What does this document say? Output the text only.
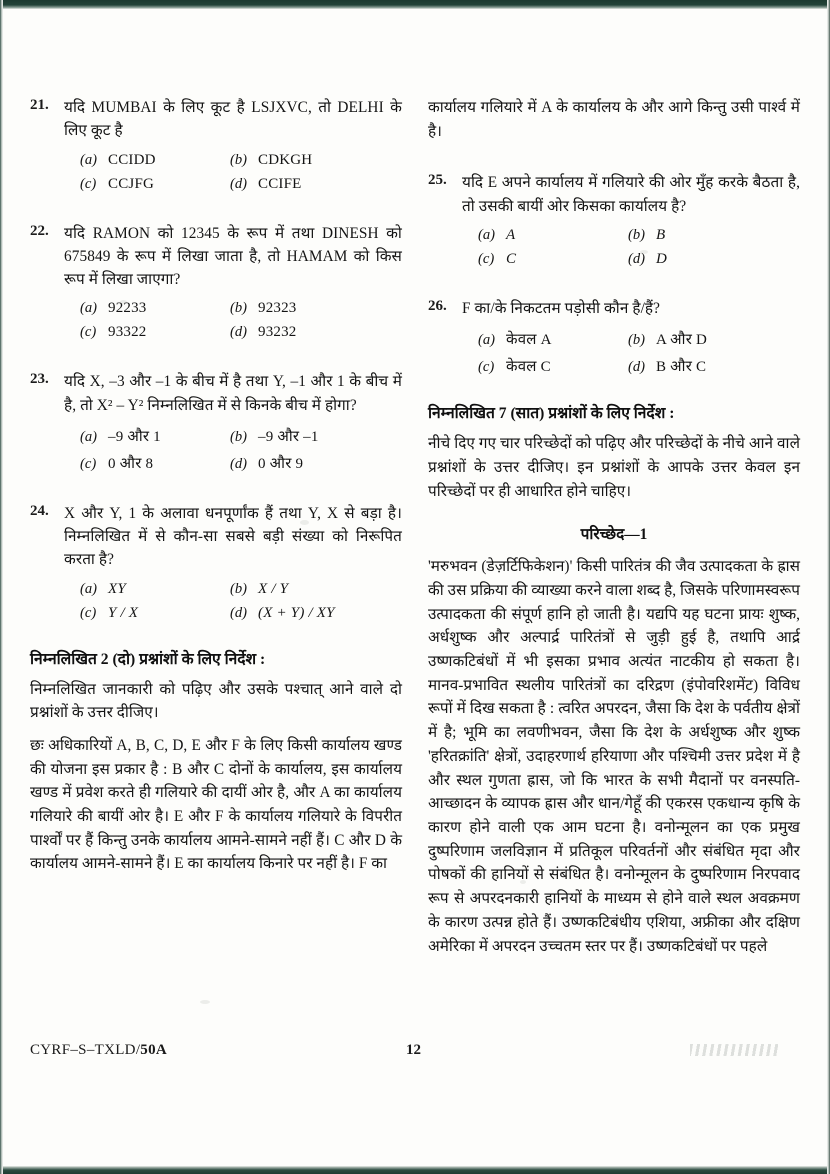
21. यदि MUMBAI के लिए कूट है LSJXVC, तो DELHI के लिए कूट है
(a) CCIDD	(b) CDKGH
(c) CCJFG	(d) CCIFE
22. यदि RAMON को 12345 के रूप में तथा DINESH को 675849 के रूप में लिखा जाता है, तो HAMAM को किस रूप में लिखा जाएगा?
(a) 92233	(b) 92323
(c) 93322	(d) 93232
23. यदि X, –3 और –1 के बीच में है तथा Y, –1 और 1 के बीच में है, तो X² – Y² निम्नलिखित में से किनके बीच में होगा?
(a) –9 और 1	(b) –9 और –1
(c) 0 और 8	(d) 0 और 9
24. X और Y, 1 के अलावा धनपूर्णांक हैं तथा Y, X से बड़ा है। निम्नलिखित में से कौन-सा सबसे बड़ी संख्या को निरूपित करता है?
(a) XY	(b) X / Y
(c) Y / X	(d) (X + Y) / XY
निम्नलिखित 2 (दो) प्रश्नांशों के लिए निर्देश :
निम्नलिखित जानकारी को पढ़िए और उसके पश्चात् आने वाले दो प्रश्नांशों के उत्तर दीजिए।
छः अधिकारियों A, B, C, D, E और F के लिए किसी कार्यालय खण्ड की योजना इस प्रकार है : B और C दोनों के कार्यालय, इस कार्यालय खण्ड में प्रवेश करते ही गलियारे की दायीं ओर है, और A का कार्यालय गलियारे की बायीं ओर है। E और F के कार्यालय गलियारे के विपरीत पार्श्वों पर हैं किन्तु उनके कार्यालय आमने-सामने नहीं हैं। C और D के कार्यालय आमने-सामने हैं। E का कार्यालय किनारे पर नहीं है। F का
कार्यालय गलियारे में A के कार्यालय के और आगे किन्तु उसी पार्श्व में है।
25. यदि E अपने कार्यालय में गलियारे की ओर मुँह करके बैठता है, तो उसकी बायीं ओर किसका कार्यालय है?
(a) A	(b) B
(c) C	(d) D
26. F का/के निकटतम पड़ोसी कौन है/हैं?
(a) केवल A	(b) A और D
(c) केवल C	(d) B और C
निम्नलिखित 7 (सात) प्रश्नांशों के लिए निर्देश :
नीचे दिए गए चार परिच्छेदों को पढ़िए और परिच्छेदों के नीचे आने वाले प्रश्नांशों के उत्तर दीजिए। इन प्रश्नांशों के आपके उत्तर केवल इन परिच्छेदों पर ही आधारित होने चाहिए।
परिच्छेद—1
'मरुभवन (डेज़र्टिफिकेशन)' किसी पारितंत्र की जैव उत्पादकता के ह्रास की उस प्रक्रिया की व्याख्या करने वाला शब्द है, जिसके परिणामस्वरूप उत्पादकता की संपूर्ण हानि हो जाती है। यद्यपि यह घटना प्रायः शुष्क, अर्धशुष्क और अल्पार्द्र पारितंत्रों से जुड़ी हुई है, तथापि आर्द्र उष्णकटिबंधों में भी इसका प्रभाव अत्यंत नाटकीय हो सकता है। मानव-प्रभावित स्थलीय पारितंत्रों का दरिद्रण (इंपोवरिशमेंट) विविध रूपों में दिख सकता है : त्वरित अपरदन, जैसा कि देश के पर्वतीय क्षेत्रों में है; भूमि का लवणीभवन, जैसा कि देश के अर्धशुष्क और शुष्क 'हरितक्रांति' क्षेत्रों, उदाहरणार्थ हरियाणा और पश्चिमी उत्तर प्रदेश में है और स्थल गुणता ह्रास, जो कि भारत के सभी मैदानों पर वनस्पति-आच्छादन के व्यापक ह्रास और धान/गेहूँ की एकरस एकधान्य कृषि के कारण होने वाली एक आम घटना है। वनोन्मूलन का एक प्रमुख दुष्परिणाम जलविज्ञान में प्रतिकूल परिवर्तनों और संबंधित मृदा और पोषकों की हानियों से संबंधित है। वनोन्मूलन के दुष्परिणाम निरपवाद रूप से अपरदनकारी हानियों के माध्यम से होने वाले स्थल अवक्रमण के कारण उत्पन्न होते हैं। उष्णकटिबंधीय एशिया, अफ्रीका और दक्षिण अमेरिका में अपरदन उच्चतम स्तर पर हैं। उष्णकटिबंधों पर पहले
CYRF–S–TXLD/50A	12
